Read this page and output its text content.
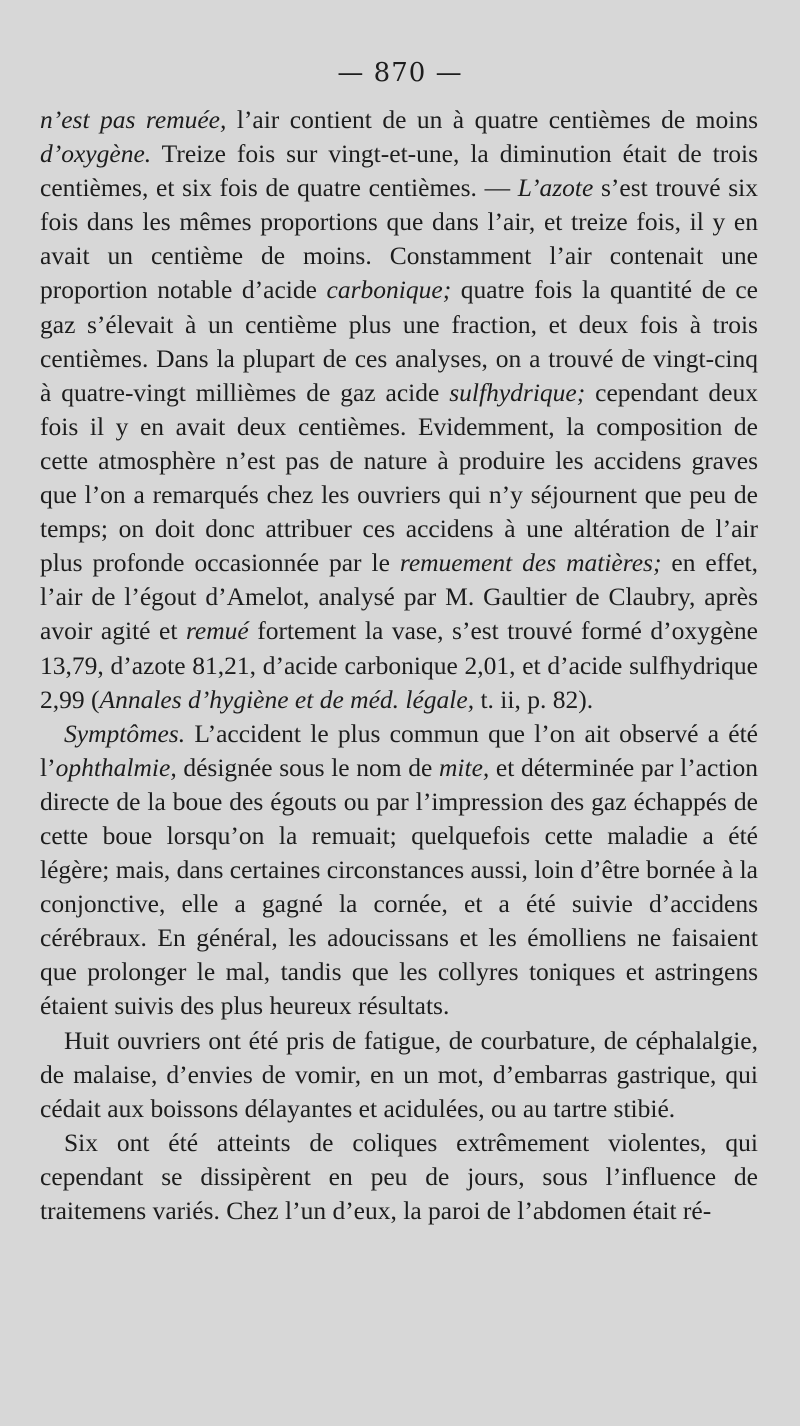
— 870 —

n’est pas remuée, l’air contient de un à quatre centièmes de moins d’oxygène. Treize fois sur vingt-et-une, la diminution était de trois centièmes, et six fois de quatre centièmes. — L’azote s’est trouvé six fois dans les mêmes proportions que dans l’air, et treize fois, il y en avait un centième de moins. Constamment l’air contenait une proportion notable d’acide carbonique; quatre fois la quantité de ce gaz s’élevait à un centième plus une fraction, et deux fois à trois centièmes. Dans la plupart de ces analyses, on a trouvé de vingt-cinq à quatre-vingt millièmes de gaz acide sulfhydrique; cependant deux fois il y en avait deux centièmes. Evidemment, la composition de cette atmosphère n’est pas de nature à produire les accidens graves que l’on a remarqués chez les ouvriers qui n’y séjournent que peu de temps; on doit donc attribuer ces accidens à une altération de l’air plus profonde occasionnée par le remuement des matières; en effet, l’air de l’égout d’Amelot, analysé par M. Gaultier de Claubry, après avoir agité et remué fortement la vase, s’est trouvé formé d’oxygène 13,79, d’azote 81,21, d’acide carbonique 2,01, et d’acide sulfhydrique 2,99 (Annales d’hygiène et de méd. légale, t. ii, p. 82).

Symptômes. L’accident le plus commun que l’on ait observé a été l’ophthalmie, désignée sous le nom de mite, et déterminée par l’action directe de la boue des égouts ou par l’impression des gaz échappés de cette boue lorsqu’on la remuait; quelquefois cette maladie a été légère; mais, dans certaines circonstances aussi, loin d’être bornée à la conjonctive, elle a gagné la cornée, et a été suivie d’accidens cérébraux. En général, les adoucissans et les émolliens ne faisaient que prolonger le mal, tandis que les collyres toniques et astringens étaient suivis des plus heureux résultats.

Huit ouvriers ont été pris de fatigue, de courbature, de céphalalgie, de malaise, d’envies de vomir, en un mot, d’embarras gastrique, qui cédait aux boissons délayantes et acidulées, ou au tartre stibié.

Six ont été atteints de coliques extrêmement violentes, qui cependant se dissipèrent en peu de jours, sous l’influence de traitemens variés. Chez l’un d’eux, la paroi de l’abdomen était ré-
